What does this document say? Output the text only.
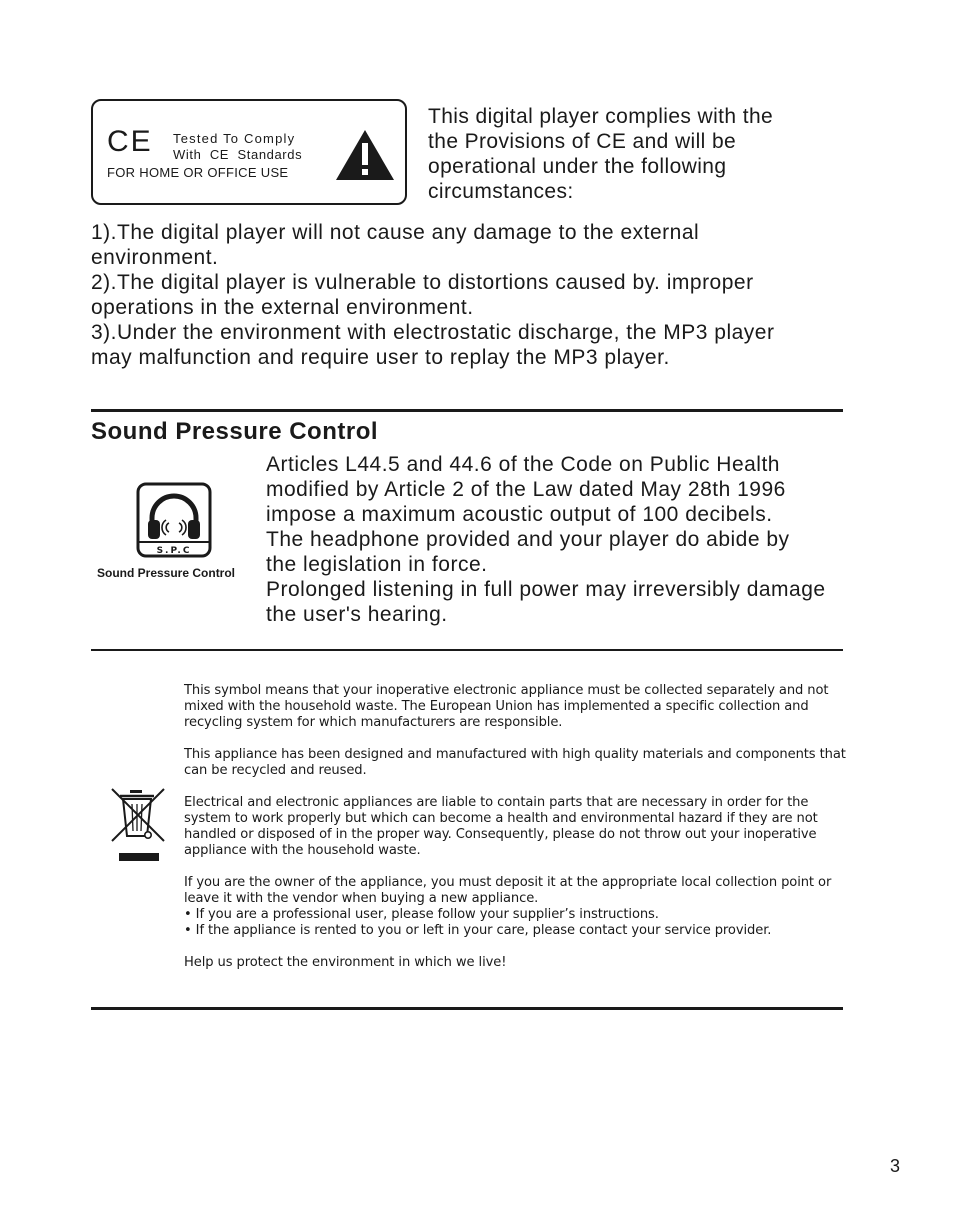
CE Tested To Comply
With  CE  Standards
FOR HOME OR OFFICE USE
This digital player complies with the
the Provisions of CE and will be
operational under the following
circumstances:
1).The digital player will not cause any damage to the external
environment.
2).The digital player is vulnerable to distortions caused by. improper
operations in the external environment.
3).Under the environment with electrostatic discharge, the MP3 player
may malfunction and require user to replay the MP3 player.
Sound Pressure Control
S.P.C
Sound Pressure Control
Articles L44.5 and 44.6 of the Code on Public Health
modified by Article 2 of the Law dated May 28th 1996
impose a maximum acoustic output of 100 decibels.
The headphone provided and your player do abide by
the legislation in force.
Prolonged listening in full power may irreversibly damage
the user's hearing.
This symbol means that your inoperative electronic appliance must be collected separately and not mixed with the household waste. The European Union has implemented a specific collection and recycling system for which manufacturers are responsible.
This appliance has been designed and manufactured with high quality materials and components that can be recycled and reused.
Electrical and electronic appliances are liable to contain parts that are necessary in order for the system to work properly but which can become a health and environmental hazard if they are not handled or disposed of in the proper way. Consequently, please do not throw out your inoperative appliance with the household waste.
If you are the owner of the appliance, you must deposit it at the appropriate local collection point or leave it with the vendor when buying a new appliance.
• If you are a professional user, please follow your supplier’s instructions.
• If the appliance is rented to you or left in your care, please contact your service provider.
Help us protect the environment in which we live!
3
